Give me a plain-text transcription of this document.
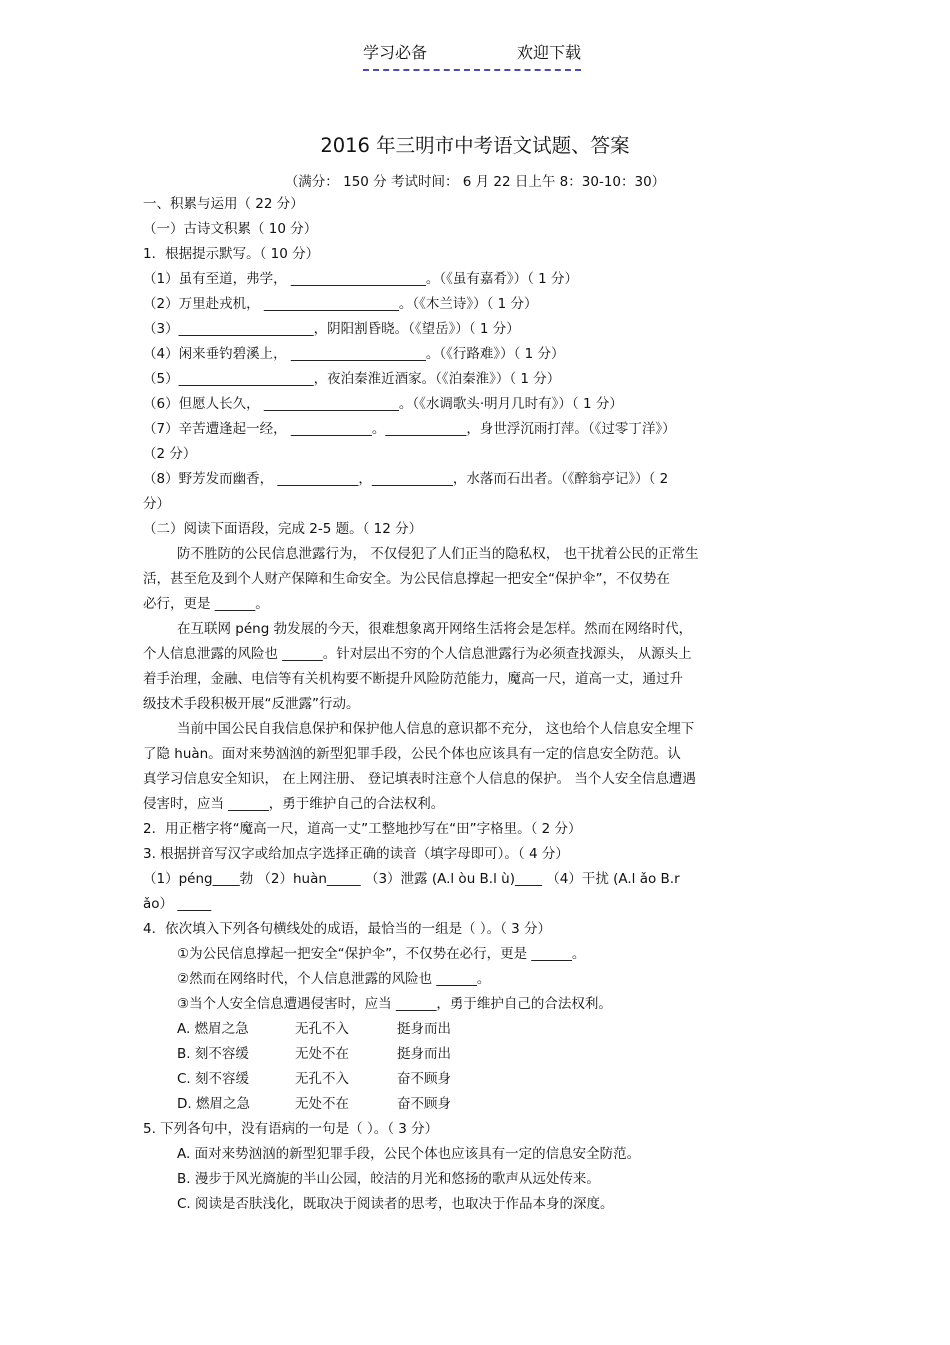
学习必备	欢迎下载
2016 年三明市中考语文试题、答案
（满分： 150 分 考试时间： 6 月 22 日上午 8：30-10：30）
一、积累与运用（ 22 分）
（一）古诗文积累（ 10 分）
1．根据提示默写。（ 10 分）
（1）虽有至道，弗学， ____________________。（《虽有嘉肴》）（ 1 分）
（2）万里赴戎机， ____________________。（《木兰诗》）（ 1 分）
（3）____________________，阴阳割昏晓。（《望岳》）（ 1 分）
（4）闲来垂钓碧溪上， ____________________。（《行路难》）（ 1 分）
（5）____________________，夜泊秦淮近酒家。（《泊秦淮》）（ 1 分）
（6）但愿人长久， ____________________。（《水调歌头·明月几时有》）（ 1 分）
（7）辛苦遭逢起一经， ____________。____________，身世浮沉雨打萍。（《过零丁洋》）
（2 分）
（8）野芳发而幽香， ____________，____________，水落而石出者。（《醉翁亭记》）（ 2
分）
（二）阅读下面语段，完成 2-5 题。（ 12 分）
防不胜防的公民信息泄露行为， 不仅侵犯了人们正当的隐私权， 也干扰着公民的正常生
活，甚至危及到个人财产保障和生命安全。为公民信息撑起一把安全“保护伞”，不仅势在
必行，更是 ______。
在互联网 péng 勃发展的今天，很难想象离开网络生活将会是怎样。然而在网络时代，
个人信息泄露的风险也 ______。针对层出不穷的个人信息泄露行为必须查找源头， 从源头上
着手治理，金融、电信等有关机构要不断提升风险防范能力，魔高一尺，道高一丈，通过升
级技术手段积极开展“反泄露”行动。
当前中国公民自我信息保护和保护他人信息的意识都不充分， 这也给个人信息安全埋下
了隐 huàn。面对来势汹汹的新型犯罪手段，公民个体也应该具有一定的信息安全防范。认
真学习信息安全知识， 在上网注册、 登记填表时注意个人信息的保护。 当个人安全信息遭遇
侵害时，应当 ______，勇于维护自己的合法权利。
2．用正楷字将“魔高一尺，道高一丈”工整地抄写在“田”字格里。（ 2 分）
3. 根据拼音写汉字或给加点字选择正确的读音（填字母即可）。（ 4 分）
（1）péng____勃 （2）huàn_____ （3）泄露 (A.l òu B.l ù)____ （4）干扰 (A.l ǎo B.r
ǎo） _____
4．依次填入下列各句横线处的成语，最恰当的一组是（ ）。（ 3 分）
①为公民信息撑起一把安全“保护伞”，不仅势在必行，更是 ______。
②然而在网络时代，个人信息泄露的风险也 ______。
③当个人安全信息遭遇侵害时，应当 ______，勇于维护自己的合法权利。
A. 燃眉之急	无孔不入	挺身而出
B. 刻不容缓	无处不在	挺身而出
C. 刻不容缓	无孔不入	奋不顾身
D. 燃眉之急	无处不在	奋不顾身
5. 下列各句中，没有语病的一句是（ ）。（ 3 分）
A. 面对来势汹汹的新型犯罪手段，公民个体也应该具有一定的信息安全防范。
B. 漫步于风光旖旎的半山公园，皎洁的月光和悠扬的歌声从远处传来。
C. 阅读是否肤浅化，既取决于阅读者的思考，也取决于作品本身的深度。
